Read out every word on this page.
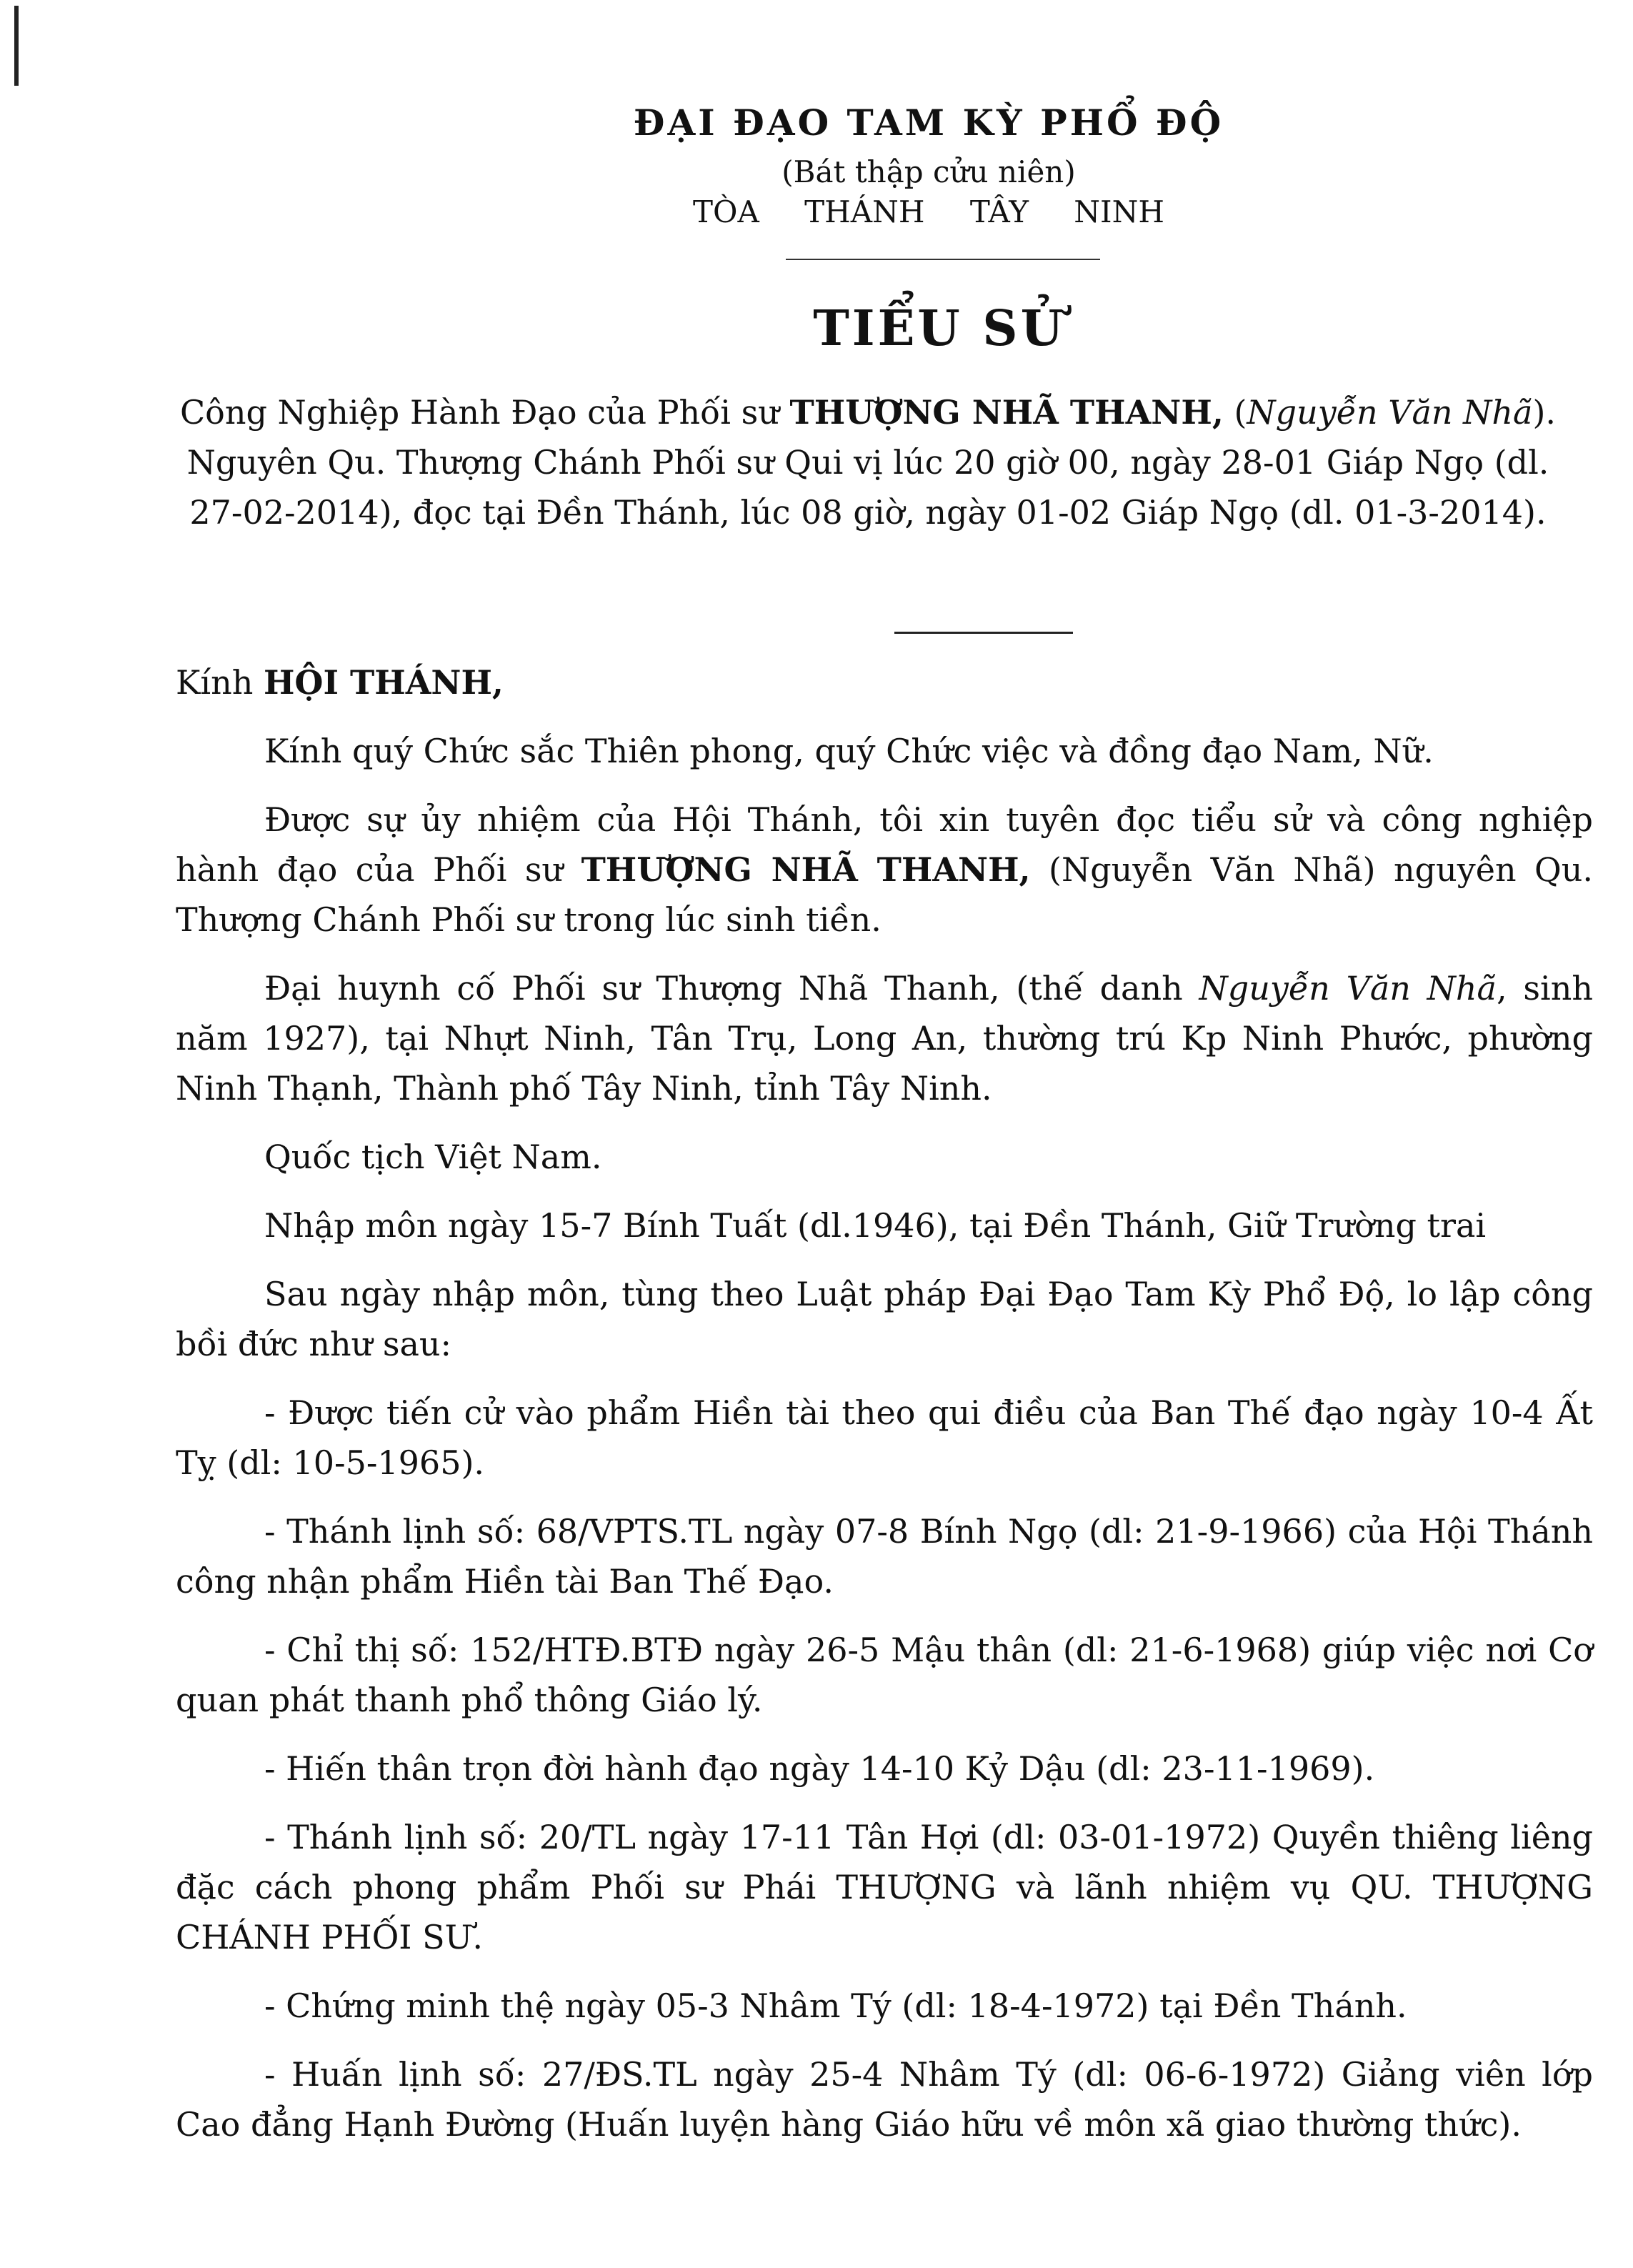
ĐẠI ĐẠO TAM KỲ PHỔ ĐỘ
(Bát thập cửu niên)
TÒA THÁNH TÂY NINH
TIỂU SỬ
Công Nghiệp Hành Đạo của Phối sư THƯỢNG NHÃ THANH, (Nguyễn Văn Nhã). Nguyên Qu. Thượng Chánh Phối sư Qui vị lúc 20 giờ 00, ngày 28-01 Giáp Ngọ (dl. 27-02-2014), đọc tại Đền Thánh, lúc 08 giờ, ngày 01-02 Giáp Ngọ (dl. 01-3-2014).

Kính HỘI THÁNH,

Kính quý Chức sắc Thiên phong, quý Chức việc và đồng đạo Nam, Nữ.

Được sự ủy nhiệm của Hội Thánh, tôi xin tuyên đọc tiểu sử và công nghiệp hành đạo của Phối sư THƯỢNG NHÃ THANH, (Nguyễn Văn Nhã) nguyên Qu. Thượng Chánh Phối sư trong lúc sinh tiền.

Đại huynh cố Phối sư Thượng Nhã Thanh, (thế danh Nguyễn Văn Nhã, sinh năm 1927), tại Nhựt Ninh, Tân Trụ, Long An, thường trú Kp Ninh Phước, phường Ninh Thạnh, Thành phố Tây Ninh, tỉnh Tây Ninh.

Quốc tịch Việt Nam.

Nhập môn ngày 15-7 Bính Tuất (dl.1946), tại Đền Thánh, Giữ Trường trai

Sau ngày nhập môn, tùng theo Luật pháp Đại Đạo Tam Kỳ Phổ Độ, lo lập công bồi đức như sau:

- Được tiến cử vào phẩm Hiền tài theo qui điều của Ban Thế đạo ngày 10-4 Ất Tỵ (dl: 10-5-1965).

- Thánh lịnh số: 68/VPTS.TL ngày 07-8 Bính Ngọ (dl: 21-9-1966) của Hội Thánh công nhận phẩm Hiền tài Ban Thế Đạo.

- Chỉ thị số: 152/HTĐ.BTĐ ngày 26-5 Mậu thân (dl: 21-6-1968) giúp việc nơi Cơ quan phát thanh phổ thông Giáo lý.

- Hiến thân trọn đời hành đạo ngày 14-10 Kỷ Dậu (dl: 23-11-1969).

- Thánh lịnh số: 20/TL ngày 17-11 Tân Hợi (dl: 03-01-1972) Quyền thiêng liêng đặc cách phong phẩm Phối sư Phái THƯỢNG và lãnh nhiệm vụ QU. THƯỢNG CHÁNH PHỐI SƯ.

- Chứng minh thệ ngày 05-3 Nhâm Tý (dl: 18-4-1972) tại Đền Thánh.

- Huấn lịnh số: 27/ĐS.TL ngày 25-4 Nhâm Tý (dl: 06-6-1972) Giảng viên lớp Cao đẳng Hạnh Đường (Huấn luyện hàng Giáo hữu về môn xã giao thường thức).
